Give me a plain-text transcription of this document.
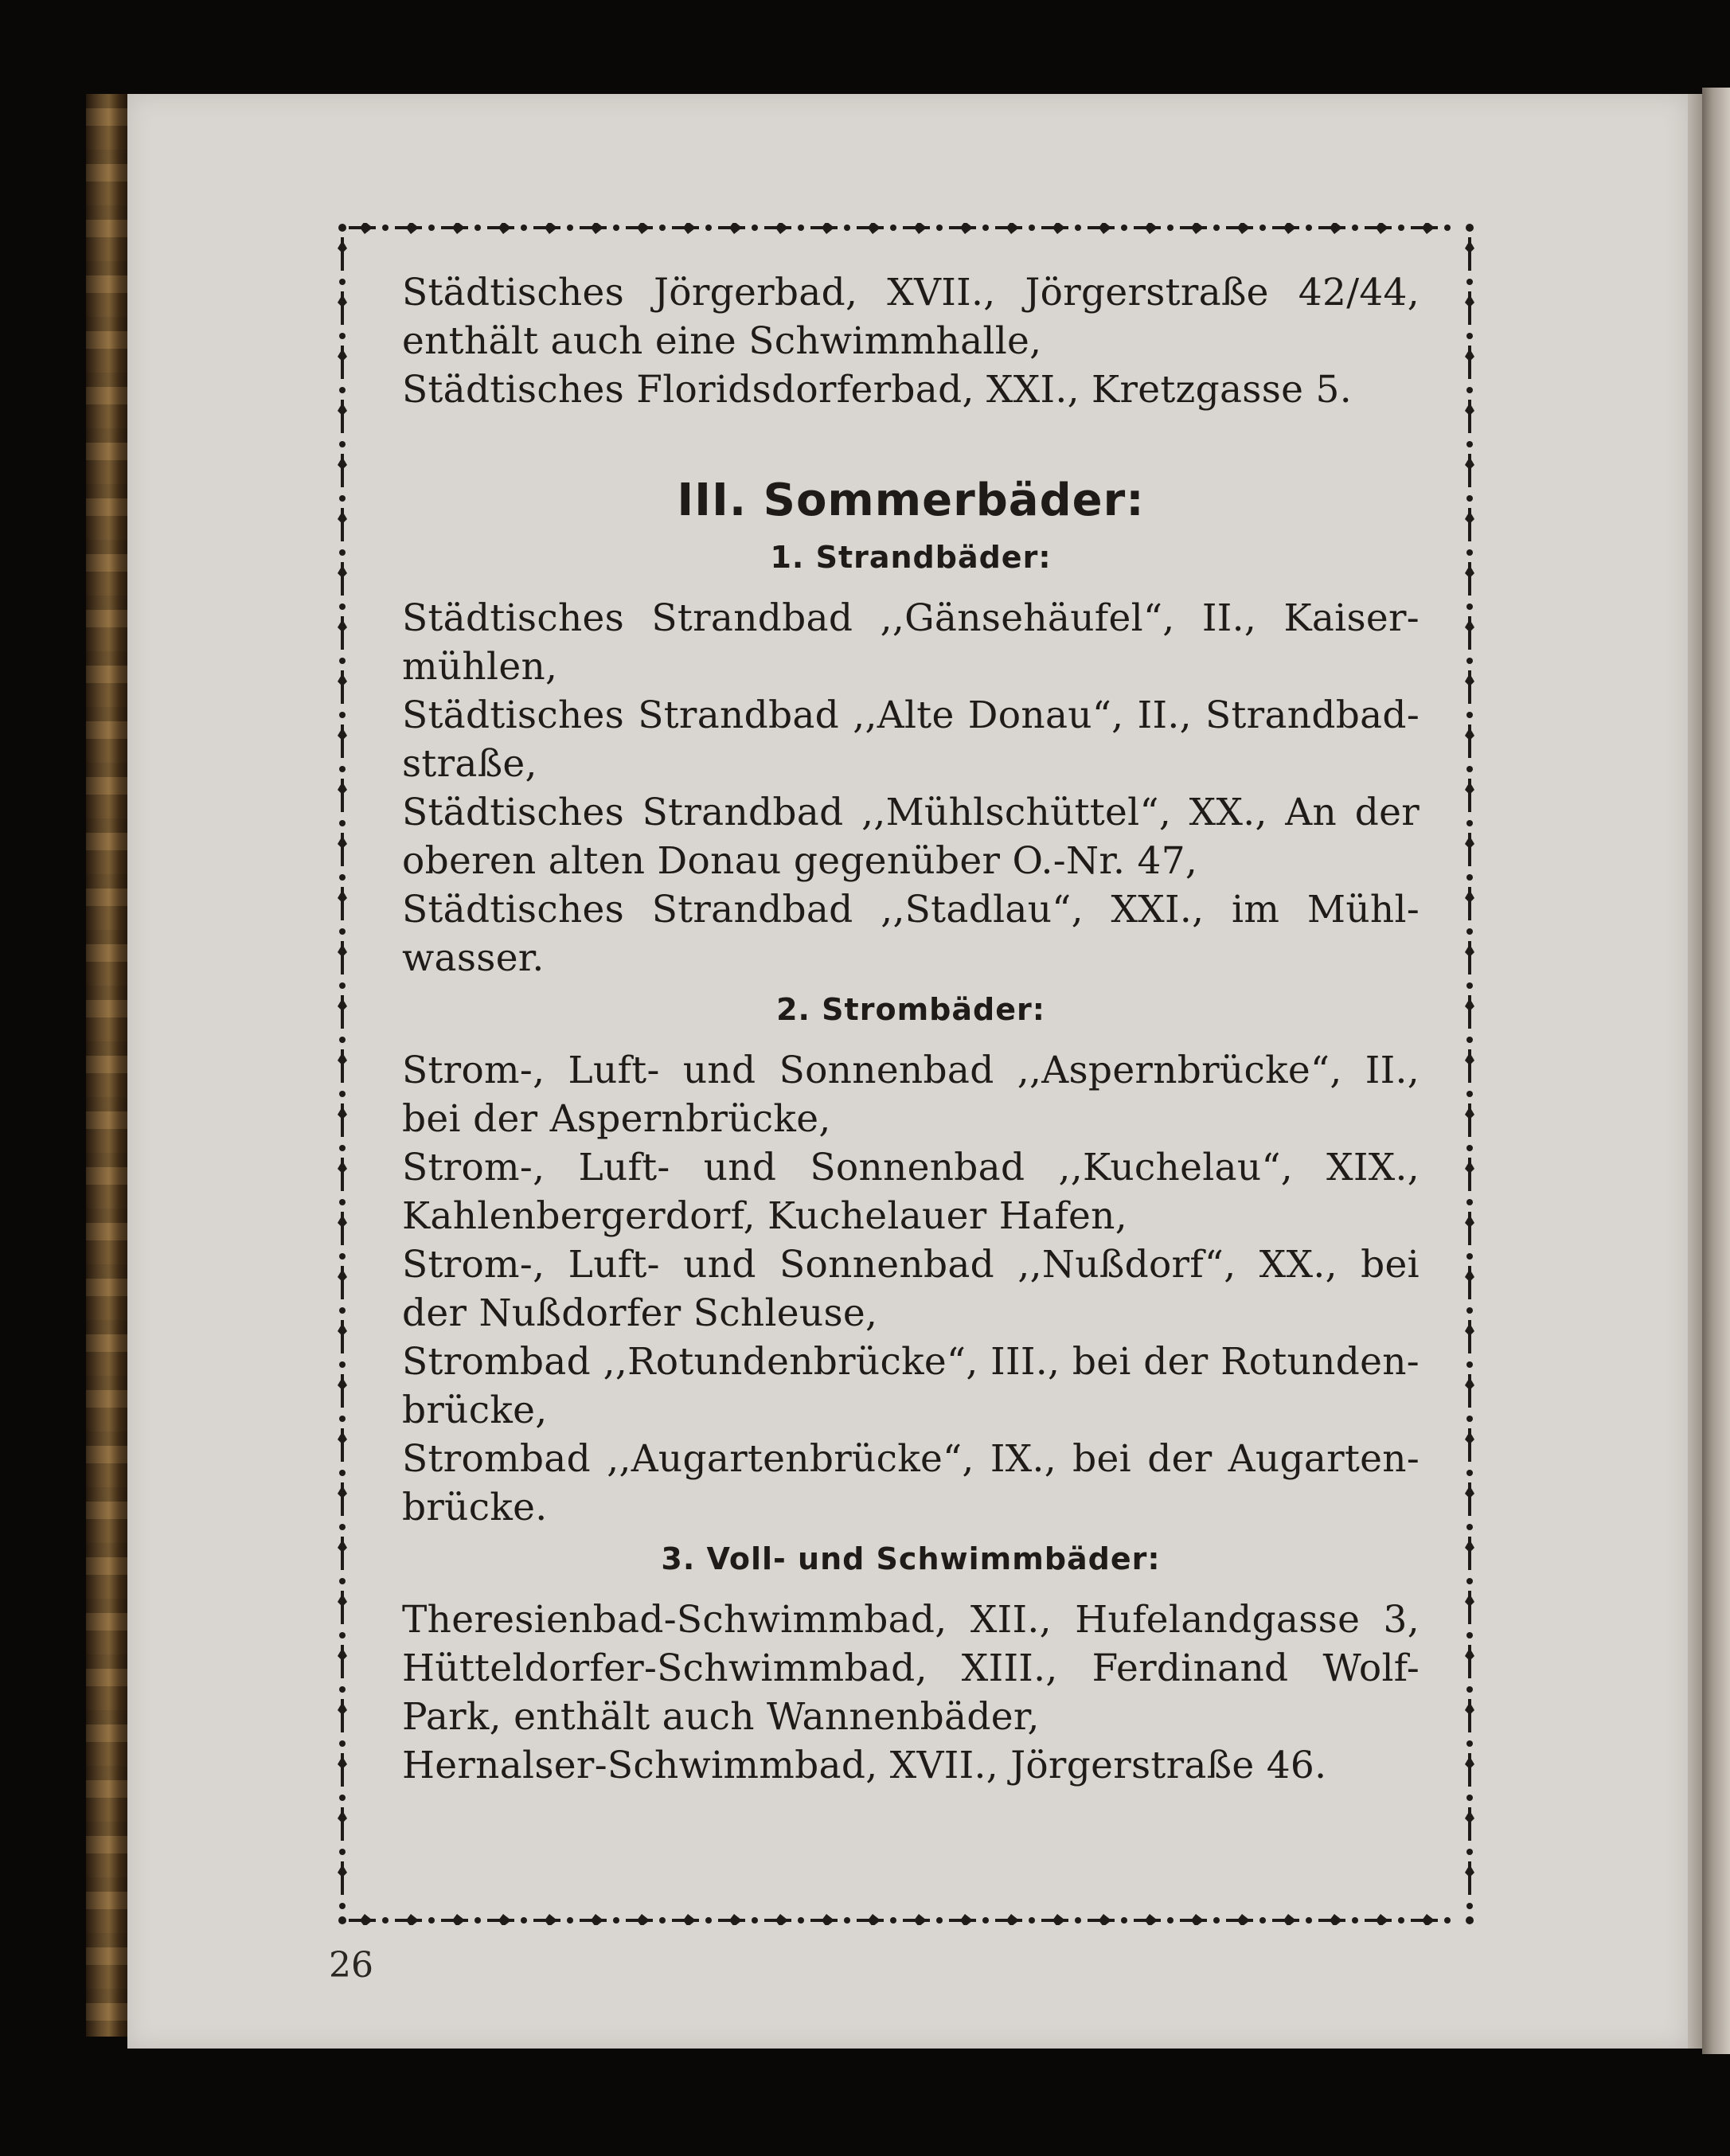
Städtisches Jörgerbad, XVII., Jörgerstraße 42/44,
enthält auch eine Schwimmhalle,
Städtisches Floridsdorferbad, XXI., Kretzgasse 5.
III. Sommerbäder:
1. Strandbäder:
Städtisches Strandbad ,,Gänsehäufel“, II., Kaiser-
mühlen,
Städtisches Strandbad ,,Alte Donau“, II., Strandbad-
straße,
Städtisches Strandbad ,,Mühlschüttel“, XX., An der
oberen alten Donau gegenüber O.-Nr. 47,
Städtisches Strandbad ,,Stadlau“, XXI., im Mühl-
wasser.
2. Strombäder:
Strom-, Luft- und Sonnenbad ,,Aspernbrücke“, II.,
bei der Aspernbrücke,
Strom-, Luft- und Sonnenbad ,,Kuchelau“, XIX.,
Kahlenbergerdorf, Kuchelauer Hafen,
Strom-, Luft- und Sonnenbad ,,Nußdorf“, XX., bei
der Nußdorfer Schleuse,
Strombad ,,Rotundenbrücke“, III., bei der Rotunden-
brücke,
Strombad ,,Augartenbrücke“, IX., bei der Augarten-
brücke.
3. Voll- und Schwimmbäder:
Theresienbad-Schwimmbad, XII., Hufelandgasse 3,
Hütteldorfer-Schwimmbad, XIII., Ferdinand Wolf-
Park, enthält auch Wannenbäder,
Hernalser-Schwimmbad, XVII., Jörgerstraße 46.
26
